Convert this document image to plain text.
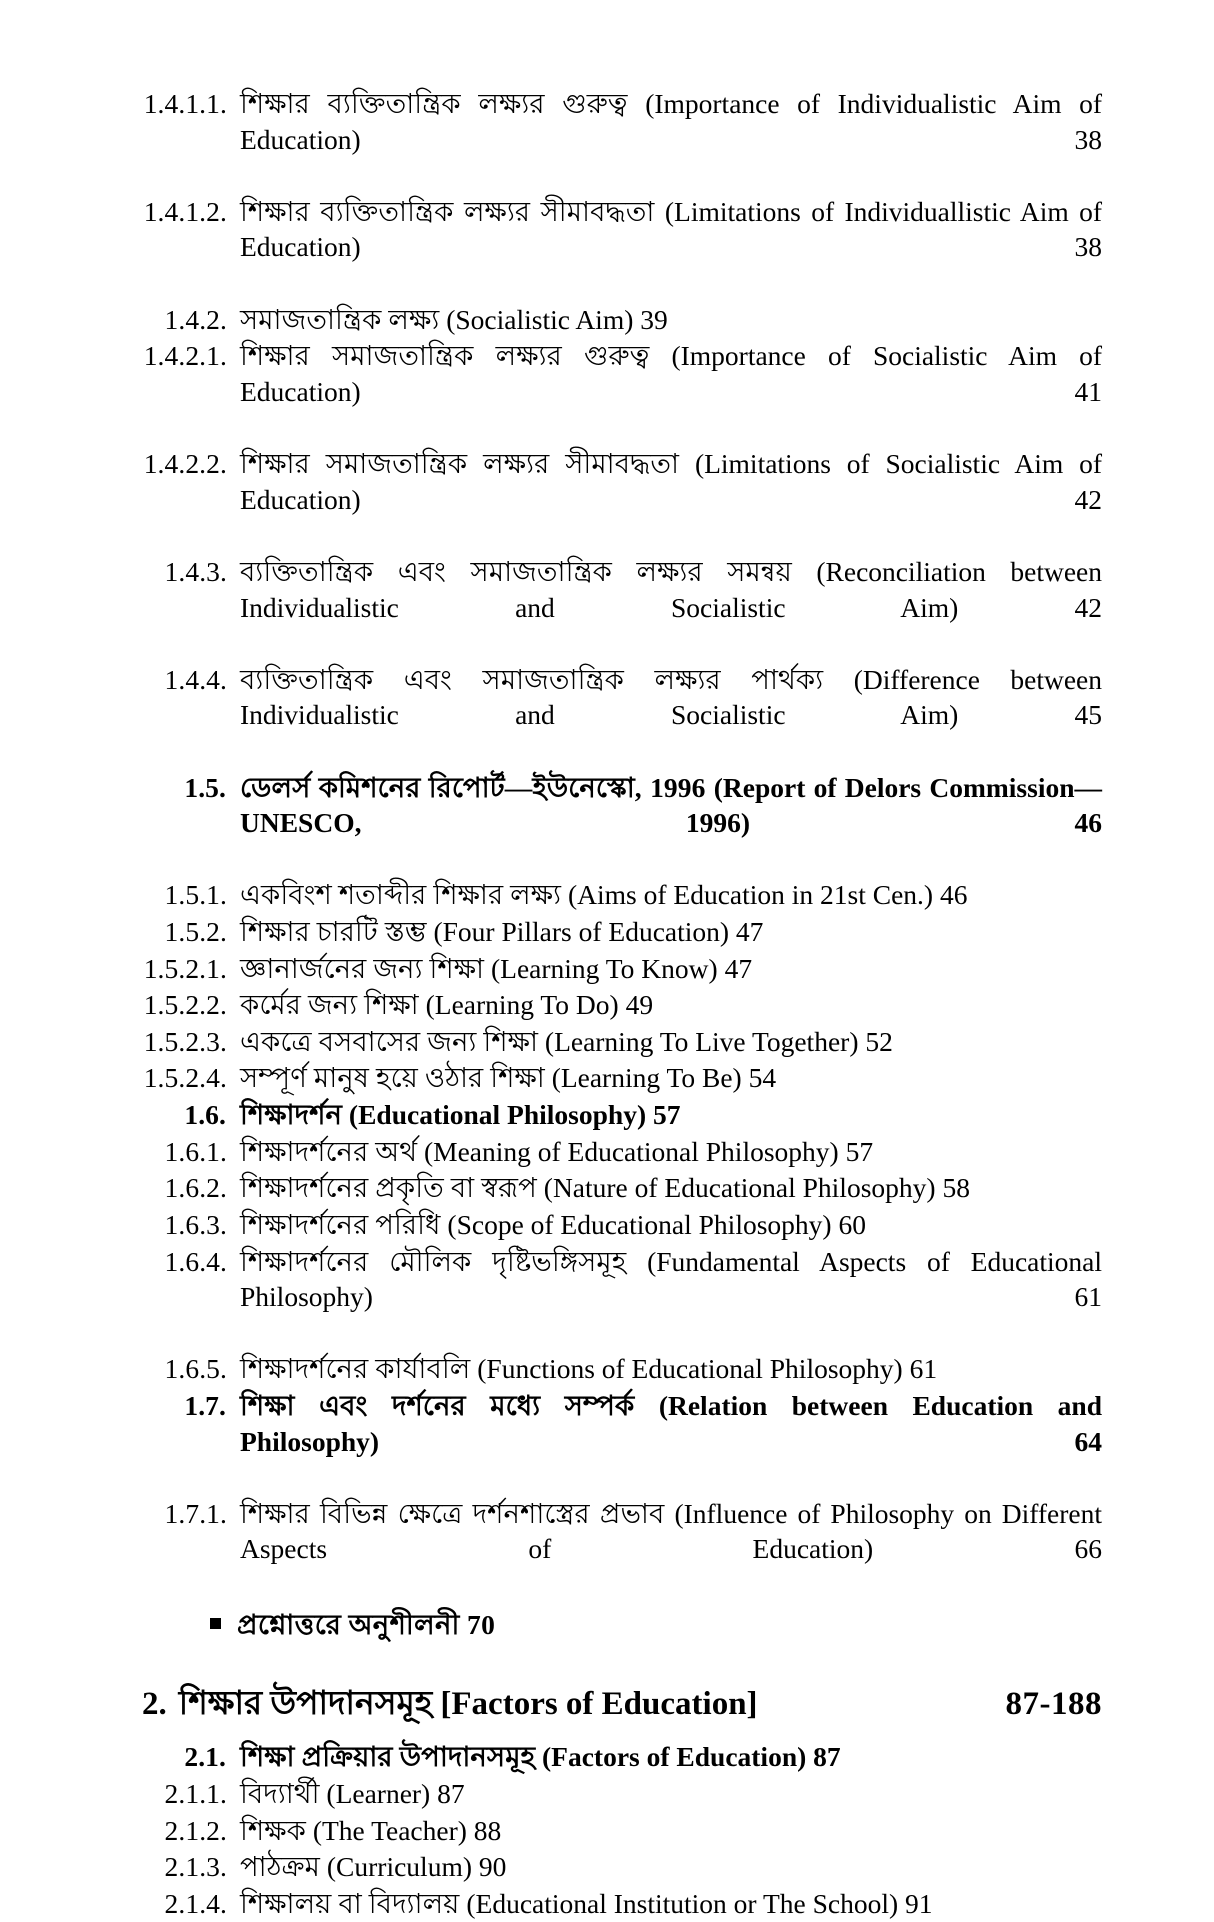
1.4.1.1. শিক্ষার ব্যক্তিতান্ত্রিক লক্ষ্যর গুরুত্ব (Importance of Individualistic Aim of Education)	38
1.4.1.2. শিক্ষার ব্যক্তিতান্ত্রিক লক্ষ্যর সীমাবদ্ধতা (Limitations of Individuallistic Aim of Education)	38
1.4.2. সমাজতান্ত্রিক লক্ষ্য (Socialistic Aim) 39
1.4.2.1. শিক্ষার সমাজতান্ত্রিক লক্ষ্যর গুরুত্ব (Importance of Socialistic Aim of Education)	41
1.4.2.2. শিক্ষার সমাজতান্ত্রিক লক্ষ্যর সীমাবদ্ধতা (Limitations of Socialistic Aim of Education)	42
1.4.3. ব্যক্তিতান্ত্রিক এবং সমাজতান্ত্রিক লক্ষ্যর সমন্বয় (Reconciliation between Individualistic and Socialistic Aim)	42
1.4.4. ব্যক্তিতান্ত্রিক এবং সমাজতান্ত্রিক লক্ষ্যর পার্থক্য (Difference between Individualistic and Socialistic Aim)	45
1.5. ডেলর্স কমিশনের রিপোর্ট—ইউনেস্কো, 1996 (Report of Delors Commission—UNESCO, 1996)	46
1.5.1. একবিংশ শতাব্দীর শিক্ষার লক্ষ্য (Aims of Education in 21st Cen.) 46
1.5.2. শিক্ষার চারটি স্তম্ভ (Four Pillars of Education) 47
1.5.2.1. জ্ঞানার্জনের জন্য শিক্ষা (Learning To Know) 47
1.5.2.2. কর্মের জন্য শিক্ষা (Learning To Do) 49
1.5.2.3. একত্রে বসবাসের জন্য শিক্ষা (Learning To Live Together) 52
1.5.2.4. সম্পূর্ণ মানুষ হয়ে ওঠার শিক্ষা (Learning To Be) 54
1.6. শিক্ষাদর্শন (Educational Philosophy) 57
1.6.1. শিক্ষাদর্শনের অর্থ (Meaning of Educational Philosophy) 57
1.6.2. শিক্ষাদর্শনের প্রকৃতি বা স্বরূপ (Nature of Educational Philosophy) 58
1.6.3. শিক্ষাদর্শনের পরিধি (Scope of Educational Philosophy) 60
1.6.4. শিক্ষাদর্শনের মৌলিক দৃষ্টিভঙ্গিসমূহ (Fundamental Aspects of Educational Philosophy)	61
1.6.5. শিক্ষাদর্শনের কার্যাবলি (Functions of Educational Philosophy) 61
1.7. শিক্ষা এবং দর্শনের মধ্যে সম্পর্ক (Relation between Education and Philosophy)	64
1.7.1. শিক্ষার বিভিন্ন ক্ষেত্রে দর্শনশাস্ত্রের প্রভাব (Influence of Philosophy on Different Aspects of Education)	66
প্রশ্নোত্তরে অনুশীলনী 70
2. শিক্ষার উপাদানসমূহ [Factors of Education]	87-188
2.1. শিক্ষা প্রক্রিয়ার উপাদানসমূহ (Factors of Education) 87
2.1.1. বিদ্যার্থী (Learner) 87
2.1.2. শিক্ষক (The Teacher) 88
2.1.3. পাঠক্রম (Curriculum) 90
2.1.4. শিক্ষালয় বা বিদ্যালয় (Educational Institution or The School) 91
